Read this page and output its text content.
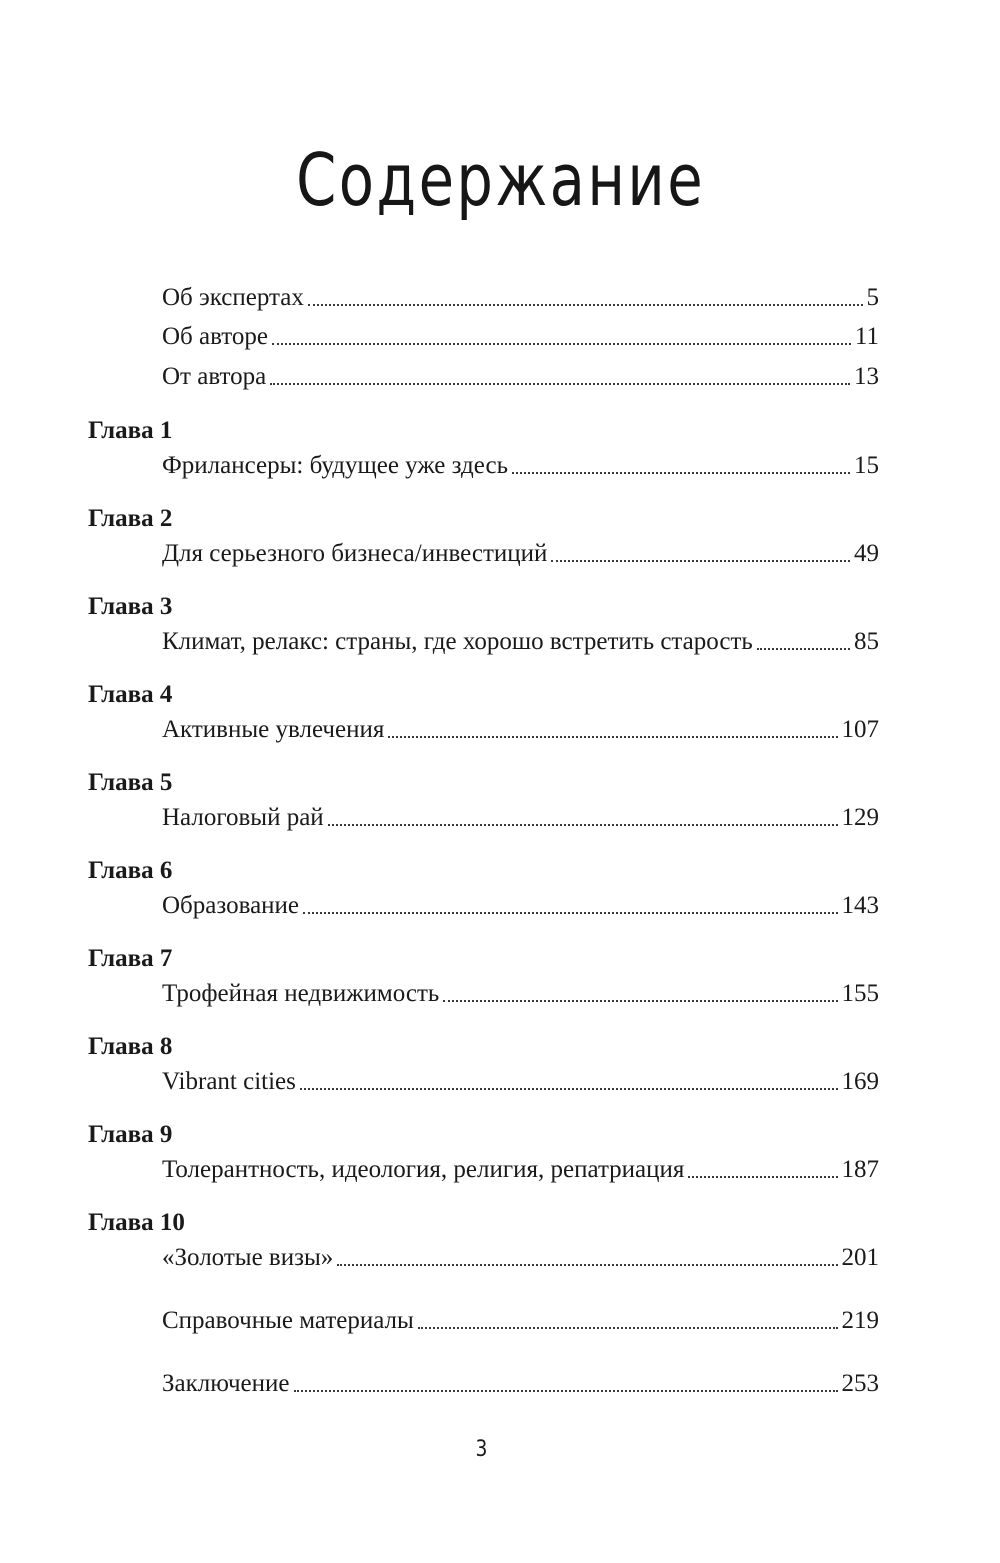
Содержание
Об экспертах	5
Об авторе	11
От автора	13
Глава 1
Фрилансеры: будущее уже здесь	15
Глава 2
Для серьезного бизнеса/инвестиций	49
Глава 3
Климат, релакс: страны, где хорошо встретить старость	85
Глава 4
Активные увлечения	107
Глава 5
Налоговый рай	129
Глава 6
Образование	143
Глава 7
Трофейная недвижимость	155
Глава 8
Vibrant cities	169
Глава 9
Толерантность, идеология, религия, репатриация	187
Глава 10
«Золотые визы»	201
Справочные материалы	219
Заключение	253
3
